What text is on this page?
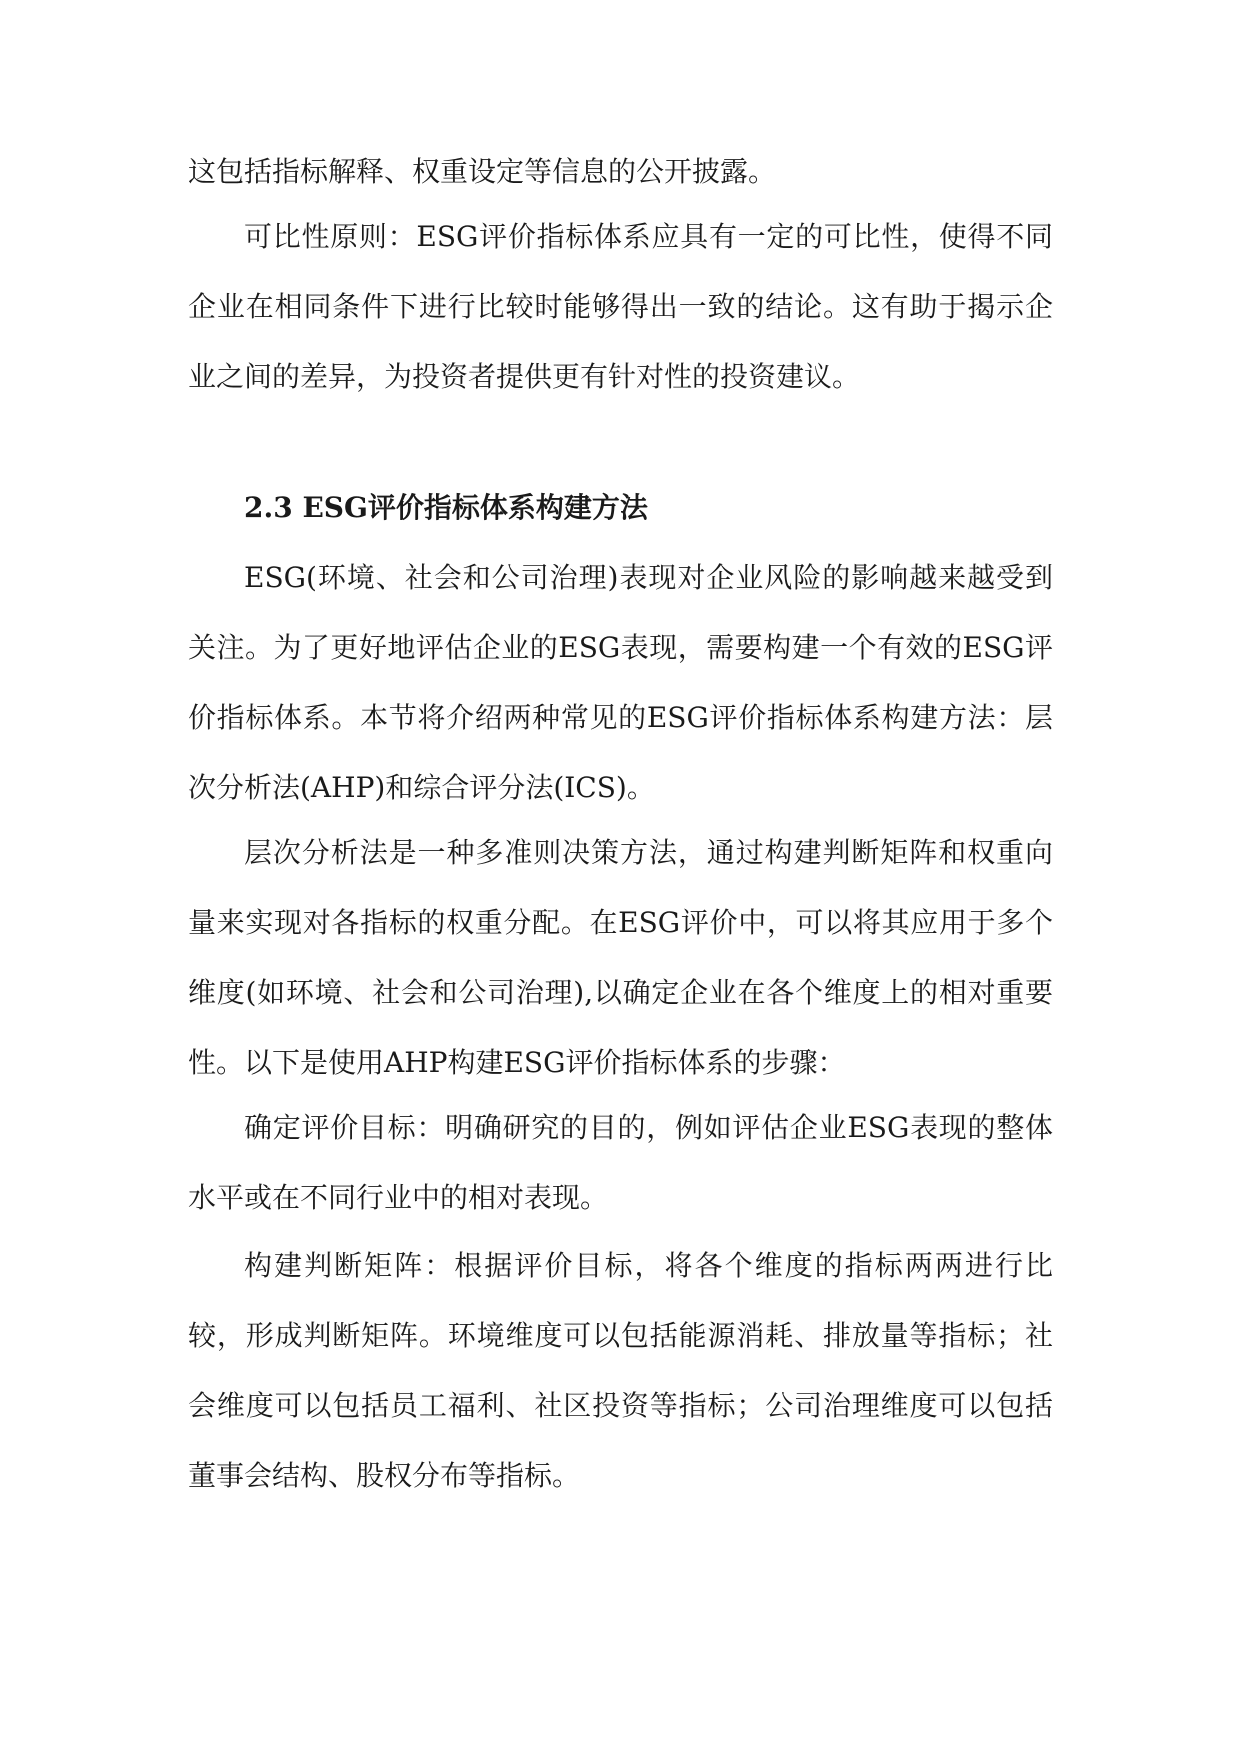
这包括指标解释、权重设定等信息的公开披露。

可比性原则：ESG评价指标体系应具有一定的可比性，使得不同企业在相同条件下进行比较时能够得出一致的结论。这有助于揭示企业之间的差异，为投资者提供更有针对性的投资建议。

2.3 ESG评价指标体系构建方法

ESG(环境、社会和公司治理)表现对企业风险的影响越来越受到关注。为了更好地评估企业的ESG表现，需要构建一个有效的ESG评价指标体系。本节将介绍两种常见的ESG评价指标体系构建方法：层次分析法(AHP)和综合评分法(ICS)。

层次分析法是一种多准则决策方法，通过构建判断矩阵和权重向量来实现对各指标的权重分配。在ESG评价中，可以将其应用于多个维度(如环境、社会和公司治理),以确定企业在各个维度上的相对重要性。以下是使用AHP构建ESG评价指标体系的步骤：

确定评价目标：明确研究的目的，例如评估企业ESG表现的整体水平或在不同行业中的相对表现。

构建判断矩阵：根据评价目标，将各个维度的指标两两进行比较，形成判断矩阵。环境维度可以包括能源消耗、排放量等指标；社会维度可以包括员工福利、社区投资等指标；公司治理维度可以包括董事会结构、股权分布等指标。
